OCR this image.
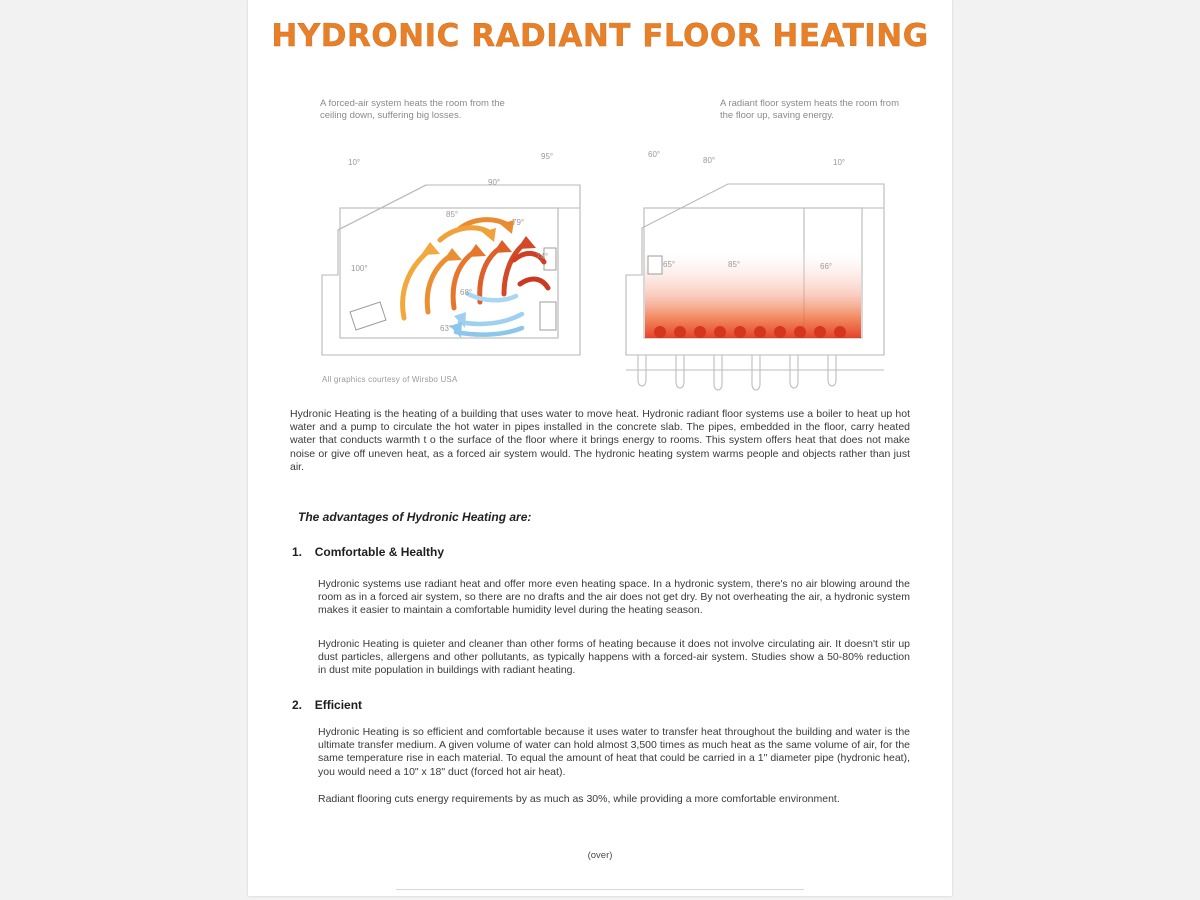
HYDRONIC RADIANT FLOOR HEATING
A forced-air system heats the room from the ceiling down, suffering big losses.
A radiant floor system heats the room from the floor up, saving energy.
10°
95°
90°
85°
79°
74°
100°
68°
63°
60°
80°	10°
65°	85°	66°
All graphics courtesy of Wirsbo USA
Hydronic Heating is the heating of a building that uses water to move heat. Hydronic radiant floor systems use a boiler to heat up hot water and a pump to circulate the hot water in pipes installed in the concrete slab. The pipes, embedded in the floor, carry heated water that conducts warmth t o the surface of the floor where it brings energy to rooms. This system offers heat that does not make noise or give off uneven heat, as a forced air system would. The hydronic heating system warms people and objects rather than just air.
The advantages of Hydronic Heating are:
1. Comfortable & Healthy
Hydronic systems use radiant heat and offer more even heating space. In a hydronic system, there's no air blowing around the room as in a forced air system, so there are no drafts and the air does not get dry. By not overheating the air, a hydronic system makes it easier to maintain a comfortable humidity level during the heating season.
Hydronic Heating is quieter and cleaner than other forms of heating because it does not involve circulating air. It doesn't stir up dust particles, allergens and other pollutants, as typically happens with a forced-air system. Studies show a 50-80% reduction in dust mite population in buildings with radiant heating.
2. Efficient
Hydronic Heating is so efficient and comfortable because it uses water to transfer heat throughout the building and water is the ultimate transfer medium. A given volume of water can hold almost 3,500 times as much heat as the same volume of air, for the same temperature rise in each material. To equal the amount of heat that could be carried in a 1" diameter pipe (hydronic heat), you would need a 10" x 18" duct (forced hot air heat).
Radiant flooring cuts energy requirements by as much as 30%, while providing a more comfortable environment.
(over)
